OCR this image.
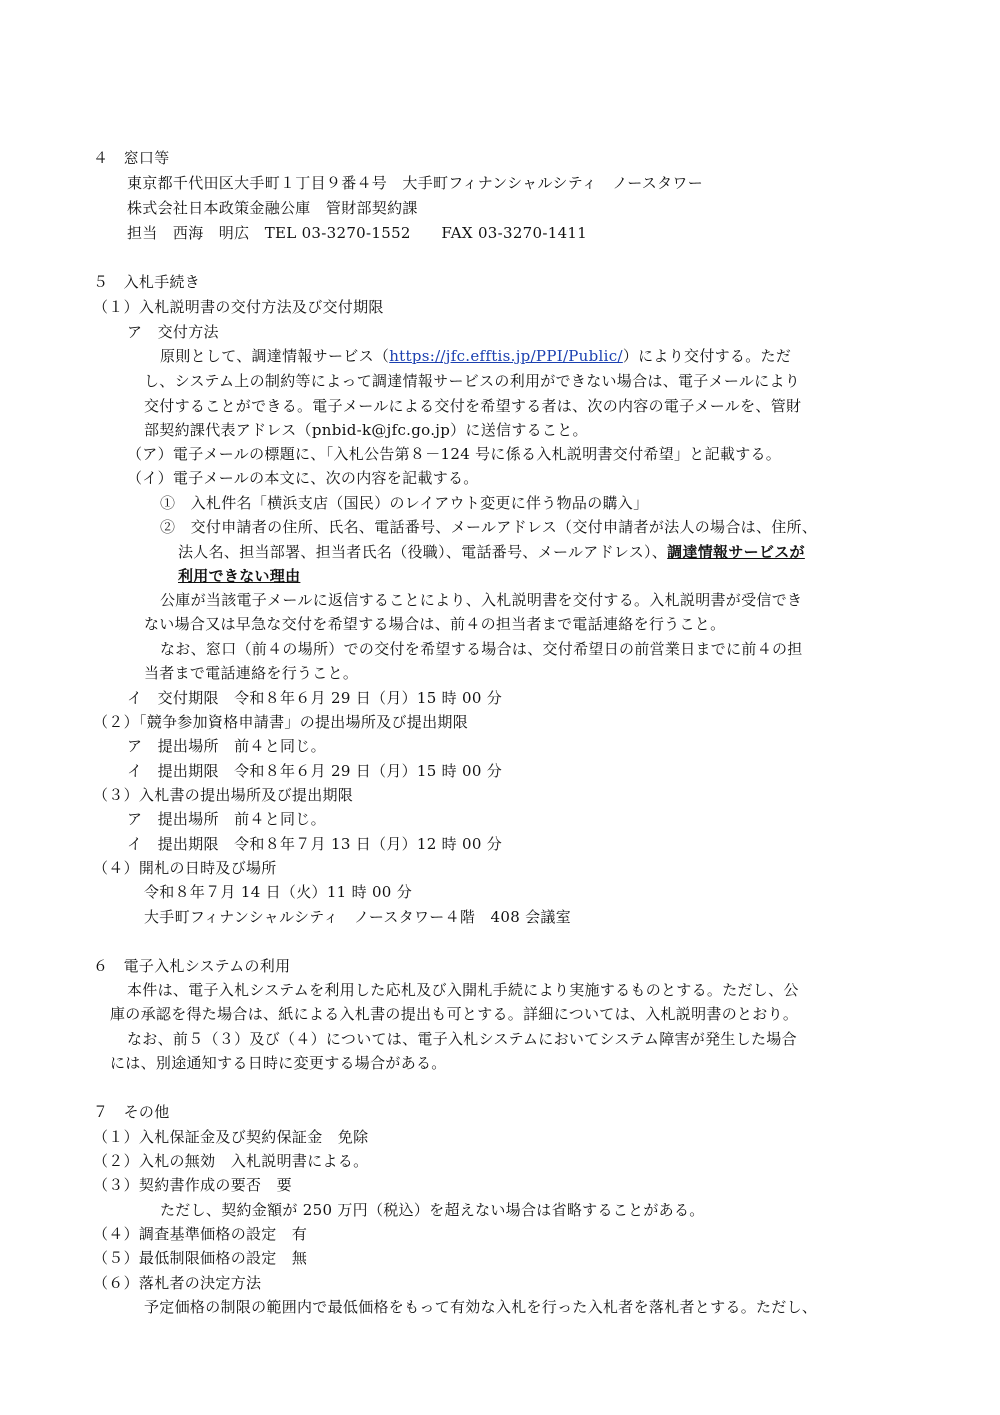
４　窓口等
東京都千代田区大手町１丁目９番４号　大手町フィナンシャルシティ　ノースタワー
株式会社日本政策金融公庫　管財部契約課
担当　西海　明広　TEL 03-3270-1552　　FAX 03-3270-1411
５　入札手続き
（１）入札説明書の交付方法及び交付期限
ア　交付方法
原則として、調達情報サービス（https://jfc.efftis.jp/PPI/Public/）により交付する。ただ
し、システム上の制約等によって調達情報サービスの利用ができない場合は、電子メールにより
交付することができる。電子メールによる交付を希望する者は、次の内容の電子メールを、管財
部契約課代表アドレス（pnbid-k@jfc.go.jp）に送信すること。
（ア）電子メールの標題に、「入札公告第８－124 号に係る入札説明書交付希望」と記載する。
（イ）電子メールの本文に、次の内容を記載する。
①　入札件名「横浜支店（国民）のレイアウト変更に伴う物品の購入」
②　交付申請者の住所、氏名、電話番号、メールアドレス（交付申請者が法人の場合は、住所、
法人名、担当部署、担当者氏名（役職）、電話番号、メールアドレス）、調達情報サービスが
利用できない理由
公庫が当該電子メールに返信することにより、入札説明書を交付する。入札説明書が受信でき
ない場合又は早急な交付を希望する場合は、前４の担当者まで電話連絡を行うこと。
なお、窓口（前４の場所）での交付を希望する場合は、交付希望日の前営業日までに前４の担
当者まで電話連絡を行うこと。
イ　交付期限　令和８年６月 29 日（月）15 時 00 分
（２）「競争参加資格申請書」の提出場所及び提出期限
ア　提出場所　前４と同じ。
イ　提出期限　令和８年６月 29 日（月）15 時 00 分
（３）入札書の提出場所及び提出期限
ア　提出場所　前４と同じ。
イ　提出期限　令和８年７月 13 日（月）12 時 00 分
（４）開札の日時及び場所
令和８年７月 14 日（火）11 時 00 分
大手町フィナンシャルシティ　ノースタワー４階　408 会議室
６　電子入札システムの利用
本件は、電子入札システムを利用した応札及び入開札手続により実施するものとする。ただし、公
庫の承認を得た場合は、紙による入札書の提出も可とする。詳細については、入札説明書のとおり。
なお、前５（３）及び（４）については、電子入札システムにおいてシステム障害が発生した場合
には、別途通知する日時に変更する場合がある。
７　その他
（１）入札保証金及び契約保証金　免除
（２）入札の無効　入札説明書による。
（３）契約書作成の要否　要
ただし、契約金額が 250 万円（税込）を超えない場合は省略することがある。
（４）調査基準価格の設定　有
（５）最低制限価格の設定　無
（６）落札者の決定方法
予定価格の制限の範囲内で最低価格をもって有効な入札を行った入札者を落札者とする。ただし、
